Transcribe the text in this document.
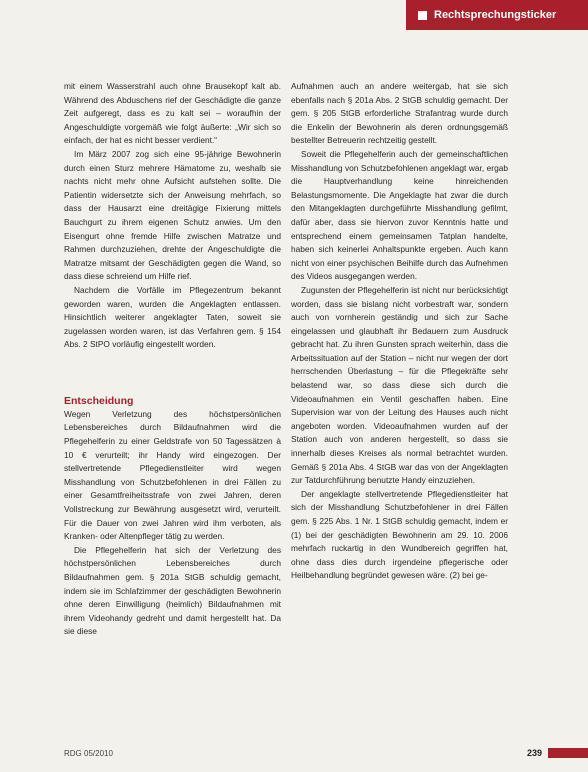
Rechtsprechungsticker

mit einem Wasserstrahl auch ohne Brausekopf kalt ab. Während des Abduschens rief der Geschädigte die ganze Zeit aufgeregt, dass es zu kalt sei – woraufhin der Angeschuldigte vorgemäß wie folgt äußerte: „Wir sich so einfach, der hat es nicht besser verdient.“

Im März 2007 zog sich eine 95-jährige Bewohnerin durch einen Sturz mehrere Hämatome zu, weshalb sie nachts nicht mehr ohne Aufsicht aufstehen sollte. Die Patientin widersetzte sich der Anweisung mehrfach, so dass der Hausarzt eine dreitägige Fixierung mittels Bauchgurt zu ihrem eigenen Schutz anwies. Um den Eisengurt ohne fremde Hilfe zwischen Matratze und Rahmen durchzuziehen, drehte der Angeschuldigte die Matratze mitsamt der Geschädigten gegen die Wand, so dass diese schreiend um Hilfe rief.

Nachdem die Vorfälle im Pflegezentrum bekannt geworden waren, wurden die Angeklagten entlassen. Hinsichtlich weiterer angeklagter Taten, soweit sie zugelassen worden waren, ist das Verfahren gem. § 154 Abs. 2 StPO vorläufig eingestellt worden.

Entscheidung

Wegen Verletzung des höchstpersönlichen Lebensbereiches durch Bildaufnahmen wird die Pflegehelferin zu einer Geldstrafe von 50 Tagessätzen à 10 € verurteilt; ihr Handy wird eingezogen. Der stellvertretende Pflegedienstleiter wird wegen Misshandlung von Schutzbefohlenen in drei Fällen zu einer Gesamtfreiheitsstrafe von zwei Jahren, deren Vollstreckung zur Bewährung ausgesetzt wird, verurteilt. Für die Dauer von zwei Jahren wird ihm verboten, als Kranken- oder Altenpfleger tätig zu werden.

Die Pflegehelferin hat sich der Verletzung des höchstpersönlichen Lebensbereiches durch Bildaufnahmen gem. § 201a StGB schuldig gemacht, indem sie im Schlafzimmer der geschädigten Bewohnerin ohne deren Einwilligung (heimlich) Bildaufnahmen mit ihrem Videohandy gedreht und damit hergestellt hat. Da sie diese

Aufnahmen auch an andere weitergab, hat sie sich ebenfalls nach § 201a Abs. 2 StGB schuldig gemacht. Der gem. § 205 StGB erforderliche Strafantrag wurde durch die Enkelin der Bewohnerin als deren ordnungsgemäß bestellter Betreuerin rechtzeitig gestellt.

Soweit die Pflegehelferin auch der gemeinschaftlichen Misshandlung von Schutzbefohlenen angeklagt war, ergab die Hauptverhandlung keine hinreichenden Belastungsmomente. Die Angeklagte hat zwar die durch den Mitangeklagten durchgeführte Misshandlung gefilmt, dafür aber, dass sie hiervon zuvor Kenntnis hatte und entsprechend einem gemeinsamen Tatplan handelte, haben sich keinerlei Anhaltspunkte ergeben. Auch kann nicht von einer psychischen Beihilfe durch das Aufnehmen des Videos ausgegangen werden.

Zugunsten der Pflegehelferin ist nicht nur berücksichtigt worden, dass sie bislang nicht vorbestraft war, sondern auch von vornherein geständig und sich zur Sache eingelassen und glaubhaft ihr Bedauern zum Ausdruck gebracht hat. Zu ihren Gunsten sprach weiterhin, dass die Arbeitssituation auf der Station – nicht nur wegen der dort herrschenden Überlastung – für die Pflegekräfte sehr belastend war, so dass diese sich durch die Videoaufnahmen ein Ventil geschaffen haben. Eine Supervision war von der Leitung des Hauses auch nicht angeboten worden. Videoaufnahmen wurden auf der Station auch von anderen hergestellt, so dass sie innerhalb dieses Kreises als normal betrachtet wurden. Gemäß § 201a Abs. 4 StGB war das von der Angeklagten zur Tatdurchführung benutzte Handy einzuziehen.

Der angeklagte stellvertretende Pflegedienstleiter hat sich der Misshandlung Schutzbefohlener in drei Fällen gem. § 225 Abs. 1 Nr. 1 StGB schuldig gemacht, indem er (1) bei der geschädigten Bewohnerin am 29. 10. 2006 mehrfach ruckartig in den Wundbereich gegriffen hat, ohne dass dies durch irgendeine pflegerische oder Heilbehandlung begründet gewesen wäre. (2) bei ge-

RDG 05/2010	239
